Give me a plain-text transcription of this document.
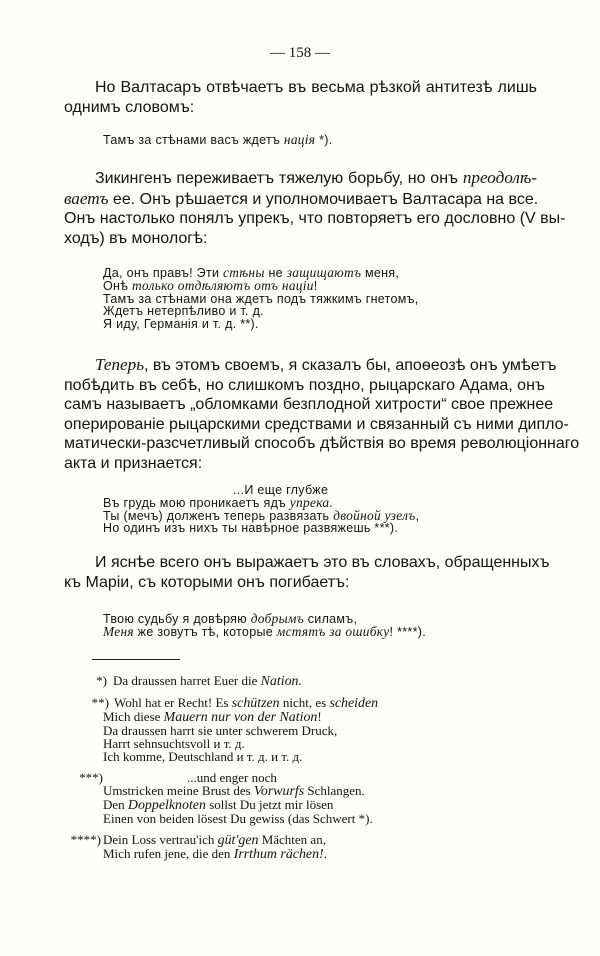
— 158 —
Но Валтасаръ отвѣчаетъ въ весьма рѣзкой антитезѣ лишь
однимъ словомъ:
Тамъ за стѣнами васъ ждетъ нація *).
Зикингенъ переживаетъ тяжелую борьбу, но онъ преодолѣ-
ваетъ ее. Онъ рѣшается и уполномочиваетъ Валтасара на все.
Онъ настолько понялъ упрекъ, что повторяетъ его дословно (V вы-
ходъ) въ монологѣ:
Да, онъ правъ! Эти стѣны не защищаютъ меня,
Онѣ только отдѣляютъ отъ націи!
Тамъ за стѣнами она ждетъ подъ тяжкимъ гнетомъ,
Ждетъ нетерпѣливо и т. д.
Я иду, Германія и т. д. **).
Теперь, въ этомъ своемъ, я сказалъ бы, апоѳеозѣ онъ умѣетъ
побѣдить въ себѣ, но слишкомъ поздно, рыцарскаго Адама, онъ
самъ называетъ „обломками безплодной хитрости“ свое прежнее
оперированіе рыцарскими средствами и связанный съ ними дипло-
матически-разсчетливый способъ дѣйствія во время революціоннаго
акта и признается:
...И еще глубже
Въ грудь мою проникаетъ ядъ упрека.
Ты (мечъ) долженъ теперь развязать двойной узелъ,
Но одинъ изъ нихъ ты навѣрное развяжешь ***).
И яснѣе всего онъ выражаетъ это въ словахъ, обращенныхъ
къ Маріи, съ которыми онъ погибаетъ:
Твою судьбу я довѣряю добрымъ силамъ,
Меня же зовутъ тѣ, которые мстятъ за ошибку! ****).
*) Da draussen harret Euer die Nation.
**) Wohl hat er Recht! Es schützen nicht, es scheiden
Mich diese Mauern nur von der Nation!
Da draussen harrt sie unter schwerem Druck,
Harrt sehnsuchtsvoll и т. д.
Ich komme, Deutschland и т. д. и т. д.
***)	...und enger noch
Umstricken meine Brust des Vorwurfs Schlangen.
Den Doppelknoten sollst Du jetzt mir lösen
Einen von beiden lösest Du gewiss (das Schwert *).
****) Dein Loss vertrau'ich güt'gen Mächten an,
Mich rufen jene, die den Irrthum rächen!.
